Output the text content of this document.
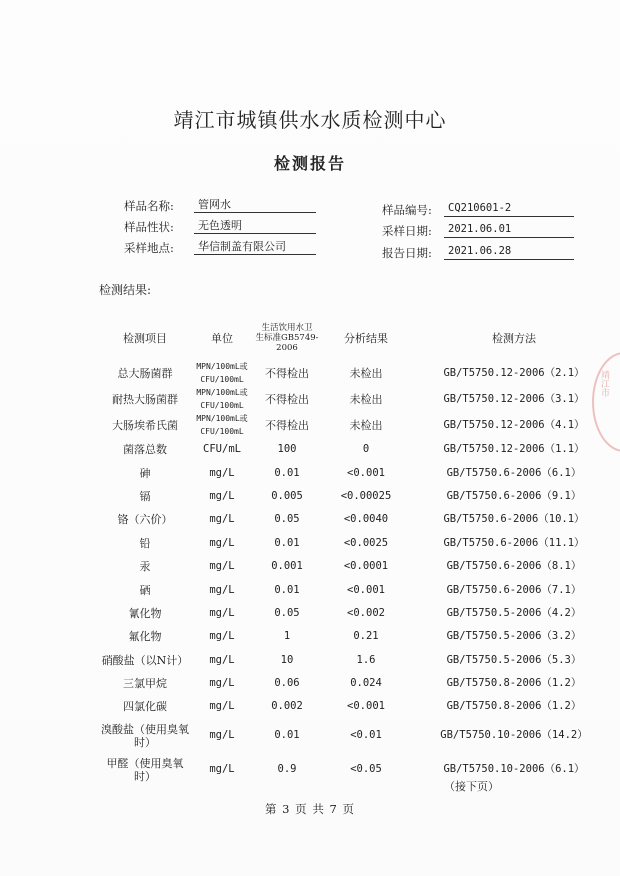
靖江市城镇供水水质检测中心
检测报告
样品名称:	管网水
样品性状:	无色透明
采样地点:	华信制盖有限公司
样品编号:	CQ210601-2
采样日期:	2021.06.01
报告日期:	2021.06.28
检测结果:
检测项目	单位	生活饮用水卫
生标准GB5749-
2006	分析结果	检测方法
总大肠菌群	MPN/100mL或
CFU/100mL	不得检出	未检出	GB/T5750.12-2006（2.1）
耐热大肠菌群	MPN/100mL或
CFU/100mL	不得检出	未检出	GB/T5750.12-2006（3.1）
大肠埃希氏菌	MPN/100mL或
CFU/100mL	不得检出	未检出	GB/T5750.12-2006（4.1）
菌落总数	CFU/mL	100	0	GB/T5750.12-2006（1.1）
砷	mg/L	0.01	<0.001	GB/T5750.6-2006（6.1）
镉	mg/L	0.005	<0.00025	GB/T5750.6-2006（9.1）
铬（六价）	mg/L	0.05	<0.0040	GB/T5750.6-2006（10.1）
铅	mg/L	0.01	<0.0025	GB/T5750.6-2006（11.1）
汞	mg/L	0.001	<0.0001	GB/T5750.6-2006（8.1）
硒	mg/L	0.01	<0.001	GB/T5750.6-2006（7.1）
氰化物	mg/L	0.05	<0.002	GB/T5750.5-2006（4.2）
氟化物	mg/L	1	0.21	GB/T5750.5-2006（3.2）
硝酸盐（以N计）	mg/L	10	1.6	GB/T5750.5-2006（5.3）
三氯甲烷	mg/L	0.06	0.024	GB/T5750.8-2006（1.2）
四氯化碳	mg/L	0.002	<0.001	GB/T5750.8-2006（1.2）

溴酸盐（使用臭氧
时）	mg/L	0.01	<0.01	GB/T5750.10-2006（14.2）

甲醛（使用臭氧
时）	mg/L	0.9	<0.05	GB/T5750.10-2006（6.1）
（接下页）
第 3 页 共 7 页
靖江市
